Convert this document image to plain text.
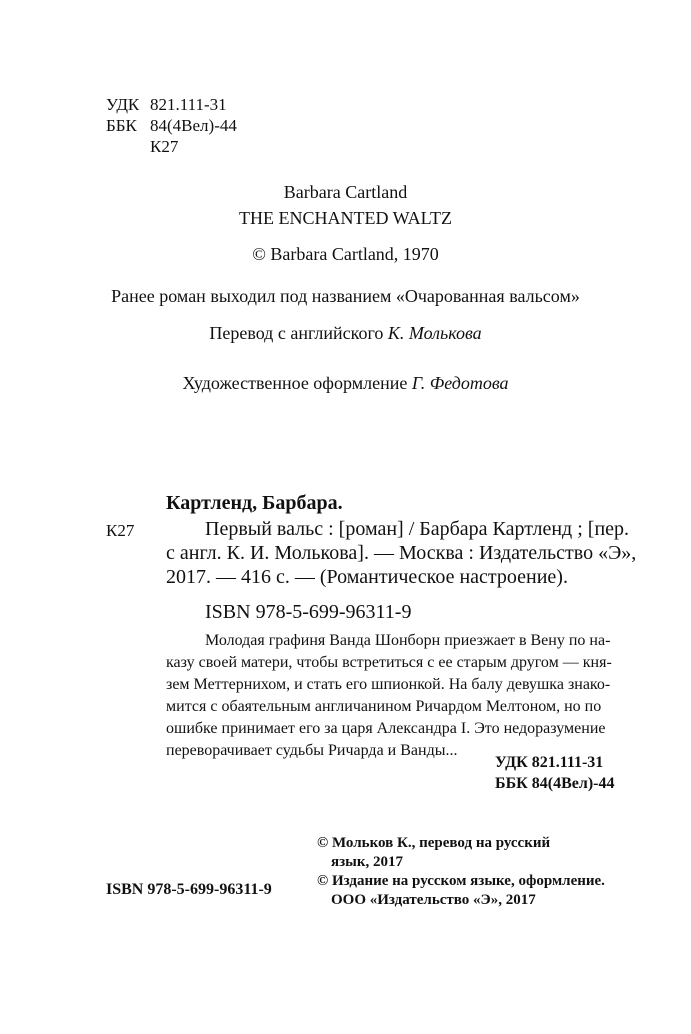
УДК 821.111-31
ББК 84(4Вел)-44
К27
Barbara Cartland
THE ENCHANTED WALTZ
© Barbara Cartland, 1970
Ранее роман выходил под названием «Очарованная вальсом»
Перевод с английского К. Молькова
Художественное оформление Г. Федотова
Картленд, Барбара.
К27	Первый вальс : [роман] / Барбара Картленд ; [пер.
с англ. К. И. Молькова]. — Москва : Издательство «Э»,
2017. — 416 с. — (Романтическое настроение).
ISBN 978-5-699-96311-9
Молодая графиня Ванда Шонборн приезжает в Вену по на-
казу своей матери, чтобы встретиться с ее старым другом — кня-
зем Меттернихом, и стать его шпионкой. На балу девушка знако-
мится с обаятельным англичанином Ричардом Мелтоном, но по
ошибке принимает его за царя Александра I. Это недоразумение
переворачивает судьбы Ричарда и Ванды...
УДК 821.111-31
ББК 84(4Вел)-44
ISBN 978-5-699-96311-9
© Мольков К., перевод на русский
язык, 2017
© Издание на русском языке, оформление.
ООО «Издательство «Э», 2017
